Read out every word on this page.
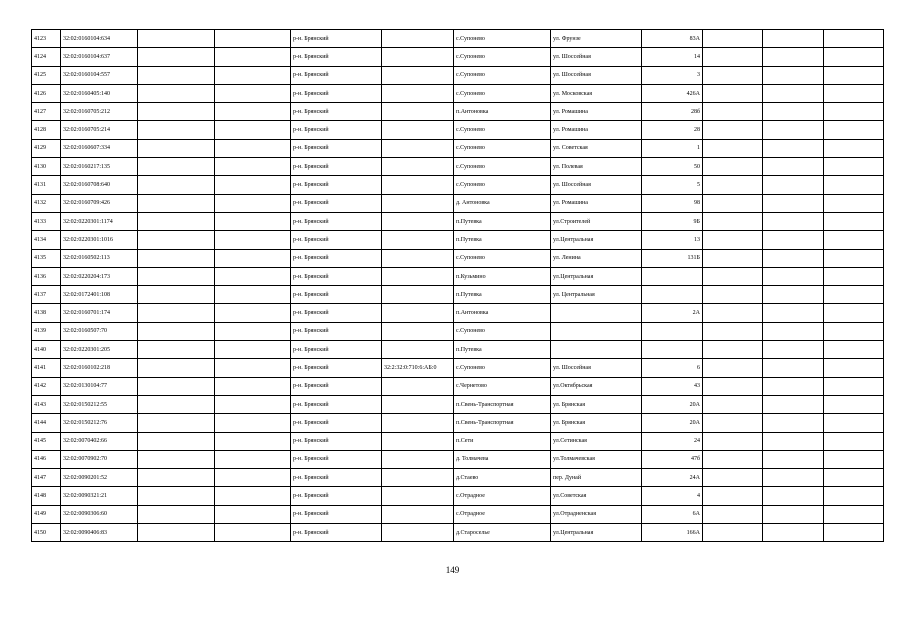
4123	32:02:0160104:634			р-н. Брянский		с.Супонево	ул. Фрунзе	83А			
4124	32:02:0160104:637			р-н. Брянский		с.Супонево	ул. Шоссейная	14			
4125	32:02:0160104:557			р-н. Брянский		с.Супонево	ул. Шоссейная	3			
4126	32:02:0160405:140			р-н. Брянский		с.Супонево	ул. Московская	426А			
4127	32:02:0160705:212			р-н. Брянский		п.Антоновка	ул. Ромашина	28б			
4128	32:02:0160705:214			р-н. Брянский		с.Супонево	ул. Ромашина	28			
4129	32:02:0160607:334			р-н. Брянский		с.Супонево	ул. Советская	1			
4130	32:02:0160217:135			р-н. Брянский		с.Супонево	ул. Полевая	50			
4131	32:02:0160708:640			р-н. Брянский		с.Супонево	ул. Шоссейная	5			
4132	32:02:0160709:426			р-н. Брянский		д. Антоновка	ул. Ромашина	98			
4133	32:02:0220301:1174			р-н. Брянский		п.Путевка	ул.Строителей	9Б			
4134	32:02:0220301:1016			р-н. Брянский		п.Путевка	ул.Центральная	13			
4135	32:02:0160502:113			р-н. Брянский		с.Супонево	ул. Ленина	131Б			
4136	32:02:0220204:173			р-н. Брянский		п.Кузьмино	ул.Центральная				
4137	32:02:0172401:108			р-н. Брянский		п.Путевка	ул. Центральная				
4138	32:02:0160701:174			р-н. Брянский		п.Антоновка		2А			
4139	32:02:0160507:70			р-н. Брянский		с.Супонево					
4140	32:02:0220301:205			р-н. Брянский		п.Путевка					
4141	32:02:0160102:218			р-н. Брянский	32:2:32:0:710:6:АБ:0	с.Супонево	ул. Шоссейная	6			
4142	32:02:0130104:77			р-н. Брянский		с.Чернетово	ул.Октябрьская	43			
4143	32:02:0150212:55			р-н. Брянский		п.Свень-Транспортная	ул. Брянская	20А			
4144	32:02:0150212:76			р-н. Брянский		п.Свень-Транспортная	ул. Брянская	20А			
4145	32:02:0070402:66			р-н. Брянский		п.Сети	ул.Сетинская	24			
4146	32:02:0070902:70			р-н. Брянский		д. Толмачева	ул.Толмачевская	47б			
4147	32:02:0090201:52			р-н. Брянский		д.Стаево	пер. Дунай	24А			
4148	32:02:0090321:21			р-н. Брянский		с.Отрадное	ул.Советская	4			
4149	32:02:0090306:60			р-н. Брянский		с.Отрадное	ул.Отрадненская	6А			
4150	32:02:0090406:83			р-н. Брянский		д.Староселье	ул.Центральная	166А			
149
